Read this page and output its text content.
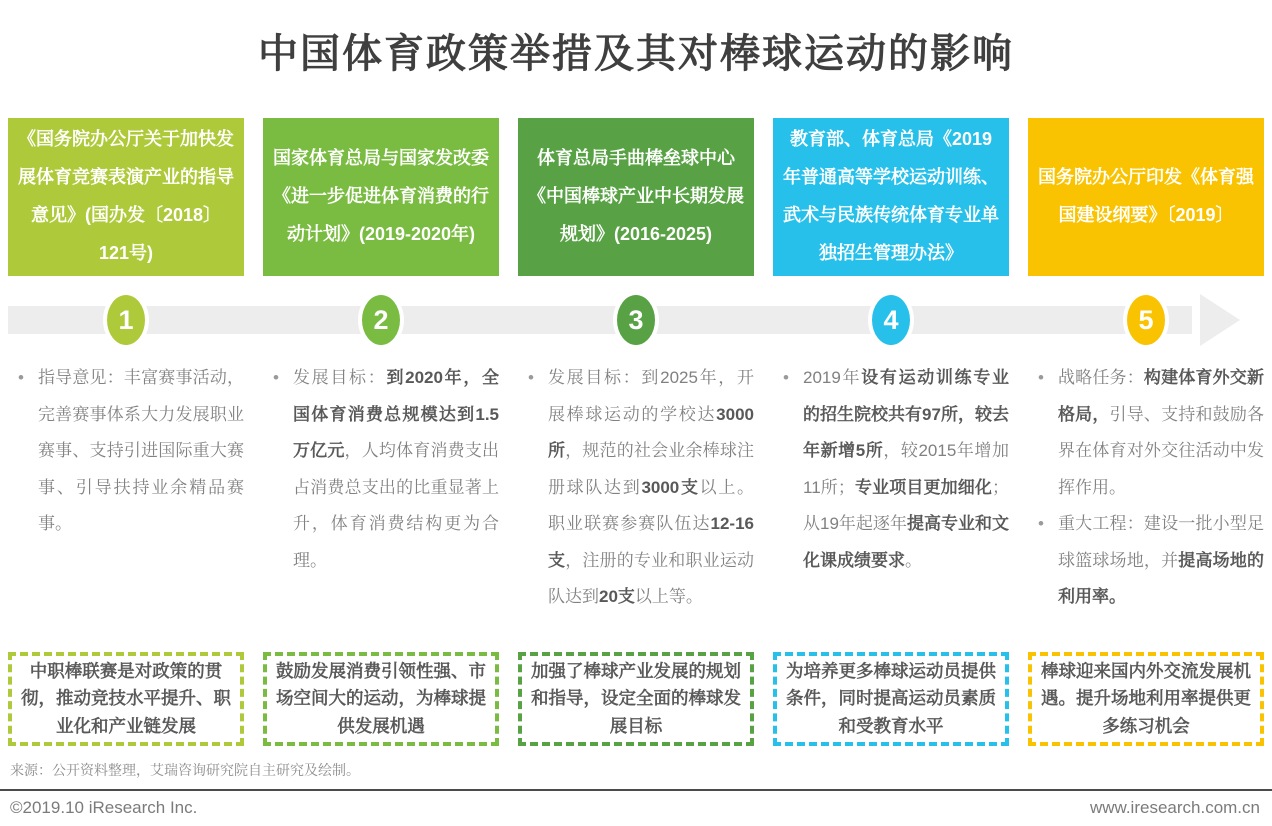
中国体育政策举措及其对棒球运动的影响
《国务院办公厅关于加快发展体育竞赛表演产业的指导意见》(国办发〔2018〕121号)
国家体育总局与国家发改委《进一步促进体育消费的行动计划》(2019-2020年)
体育总局手曲棒垒球中心《中国棒球产业中长期发展规划》(2016-2025)
教育部、体育总局《2019年普通高等学校运动训练、武术与民族传统体育专业单独招生管理办法》
国务院办公厅印发《体育强国建设纲要》〔2019〕
1	2	3	4	5
• 指导意见：丰富赛事活动，完善赛事体系大力发展职业赛事、支持引进国际重大赛事、引导扶持业余精品赛事。
• 发展目标：到2020年，全国体育消费总规模达到1.5万亿元，人均体育消费支出占消费总支出的比重显著上升，体育消费结构更为合理。
• 发展目标：到2025年，开展棒球运动的学校达3000所，规范的社会业余棒球注册球队达到3000支以上。职业联赛参赛队伍达12-16支，注册的专业和职业运动队达到20支以上等。
• 2019年设有运动训练专业的招生院校共有97所，较去年新增5所，较2015年增加11所；专业项目更加细化；从19年起逐年提高专业和文化课成绩要求。
• 战略任务：构建体育外交新格局，引导、支持和鼓励各界在体育对外交往活动中发挥作用。
• 重大工程：建设一批小型足球篮球场地，并提高场地的利用率。
中职棒联赛是对政策的贯彻，推动竞技水平提升、职业化和产业链发展
鼓励发展消费引领性强、市场空间大的运动，为棒球提供发展机遇
加强了棒球产业发展的规划和指导，设定全面的棒球发展目标
为培养更多棒球运动员提供条件，同时提高运动员素质和受教育水平
棒球迎来国内外交流发展机遇。提升场地利用率提供更多练习机会
来源：公开资料整理，艾瑞咨询研究院自主研究及绘制。
©2019.10 iResearch Inc.	www.iresearch.com.cn
